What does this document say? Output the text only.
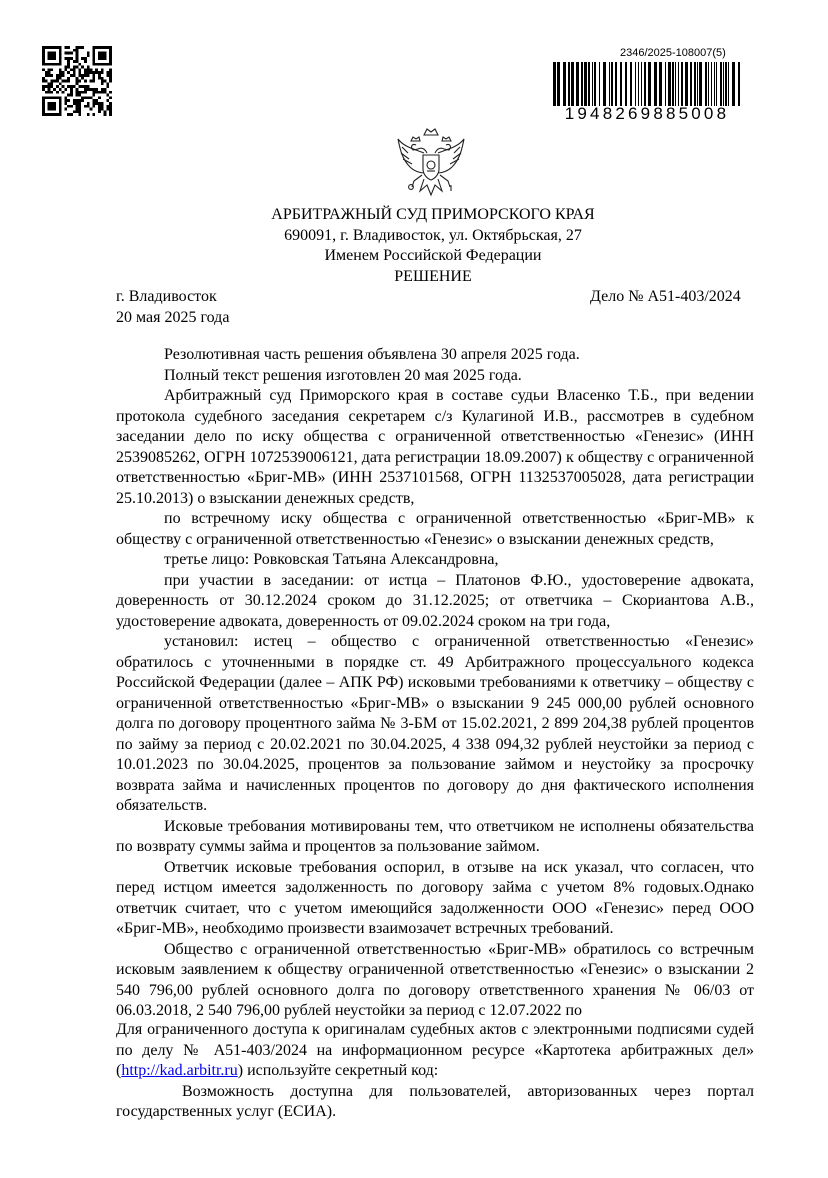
2346/2025-108007(5)
1948269885008
АРБИТРАЖНЫЙ СУД ПРИМОРСКОГО КРАЯ
690091, г. Владивосток, ул. Октябрьская, 27
Именем Российской Федерации
РЕШЕНИЕ
г. Владивосток
20 мая 2025 года
Дело № А51-403/2024

Резолютивная часть решения объявлена 30 апреля 2025 года.

Полный текст решения изготовлен 20 мая 2025 года.

Арбитражный суд Приморского края в составе судьи Власенко Т.Б., при ведении протокола судебного заседания секретарем с/з Кулагиной И.В., рассмотрев в судебном заседании дело по иску общества с ограниченной ответственностью «Генезис» (ИНН 2539085262, ОГРН 1072539006121, дата регистрации 18.09.2007) к обществу с ограниченной ответственностью «Бриг-МВ» (ИНН 2537101568, ОГРН 1132537005028, дата регистрации 25.10.2013) о взыскании денежных средств,

по встречному иску общества с ограниченной ответственностью «Бриг-МВ» к обществу с ограниченной ответственностью «Генезис» о взыскании денежных средств,

третье лицо: Ровковская Татьяна Александровна,

при участии в заседании: от истца – Платонов Ф.Ю., удостоверение адвоката, доверенность от 30.12.2024 сроком до 31.12.2025; от ответчика – Скориантова А.В., удостоверение адвоката, доверенность от 09.02.2024 сроком на три года,

установил: истец – общество с ограниченной ответственностью «Генезис» обратилось с уточненными в порядке ст. 49 Арбитражного процессуального кодекса Российской Федерации (далее – АПК РФ) исковыми требованиями к ответчику – обществу с ограниченной ответственностью «Бриг-МВ» о взыскании 9 245 000,00 рублей основного долга по договору процентного займа № 3-БМ от 15.02.2021, 2 899 204,38 рублей процентов по займу за период с 20.02.2021 по 30.04.2025, 4 338 094,32 рублей неустойки за период с 10.01.2023 по 30.04.2025, процентов за пользование займом и неустойку за просрочку возврата займа и начисленных процентов по договору до дня фактического исполнения обязательств.

Исковые требования мотивированы тем, что ответчиком не исполнены обязательства по возврату суммы займа и процентов за пользование займом.

Ответчик исковые требования оспорил, в отзыве на иск указал, что согласен, что перед истцом имеется задолженность по договору займа с учетом 8% годовых.Однако ответчик считает, что с учетом имеющийся задолженности ООО «Генезис» перед ООО «Бриг-МВ», необходимо произвести взаимозачет встречных требований.

Общество с ограниченной ответственностью «Бриг-МВ» обратилось со встречным исковым заявлением к обществу ограниченной ответственностью «Генезис» о взыскании 2 540 796,00 рублей основного долга по договору ответственного хранения № 06/03 от 06.03.2018, 2 540 796,00 рублей неустойки за период с 12.07.2022 по

Для ограниченного доступа к оригиналам судебных актов с электронными подписями судей по делу № А51-403/2024 на информационном ресурсе «Картотека арбитражных дел» (http://kad.arbitr.ru) используйте секретный код:

Возможность доступна для пользователей, авторизованных через портал государственных услуг (ЕСИА).
